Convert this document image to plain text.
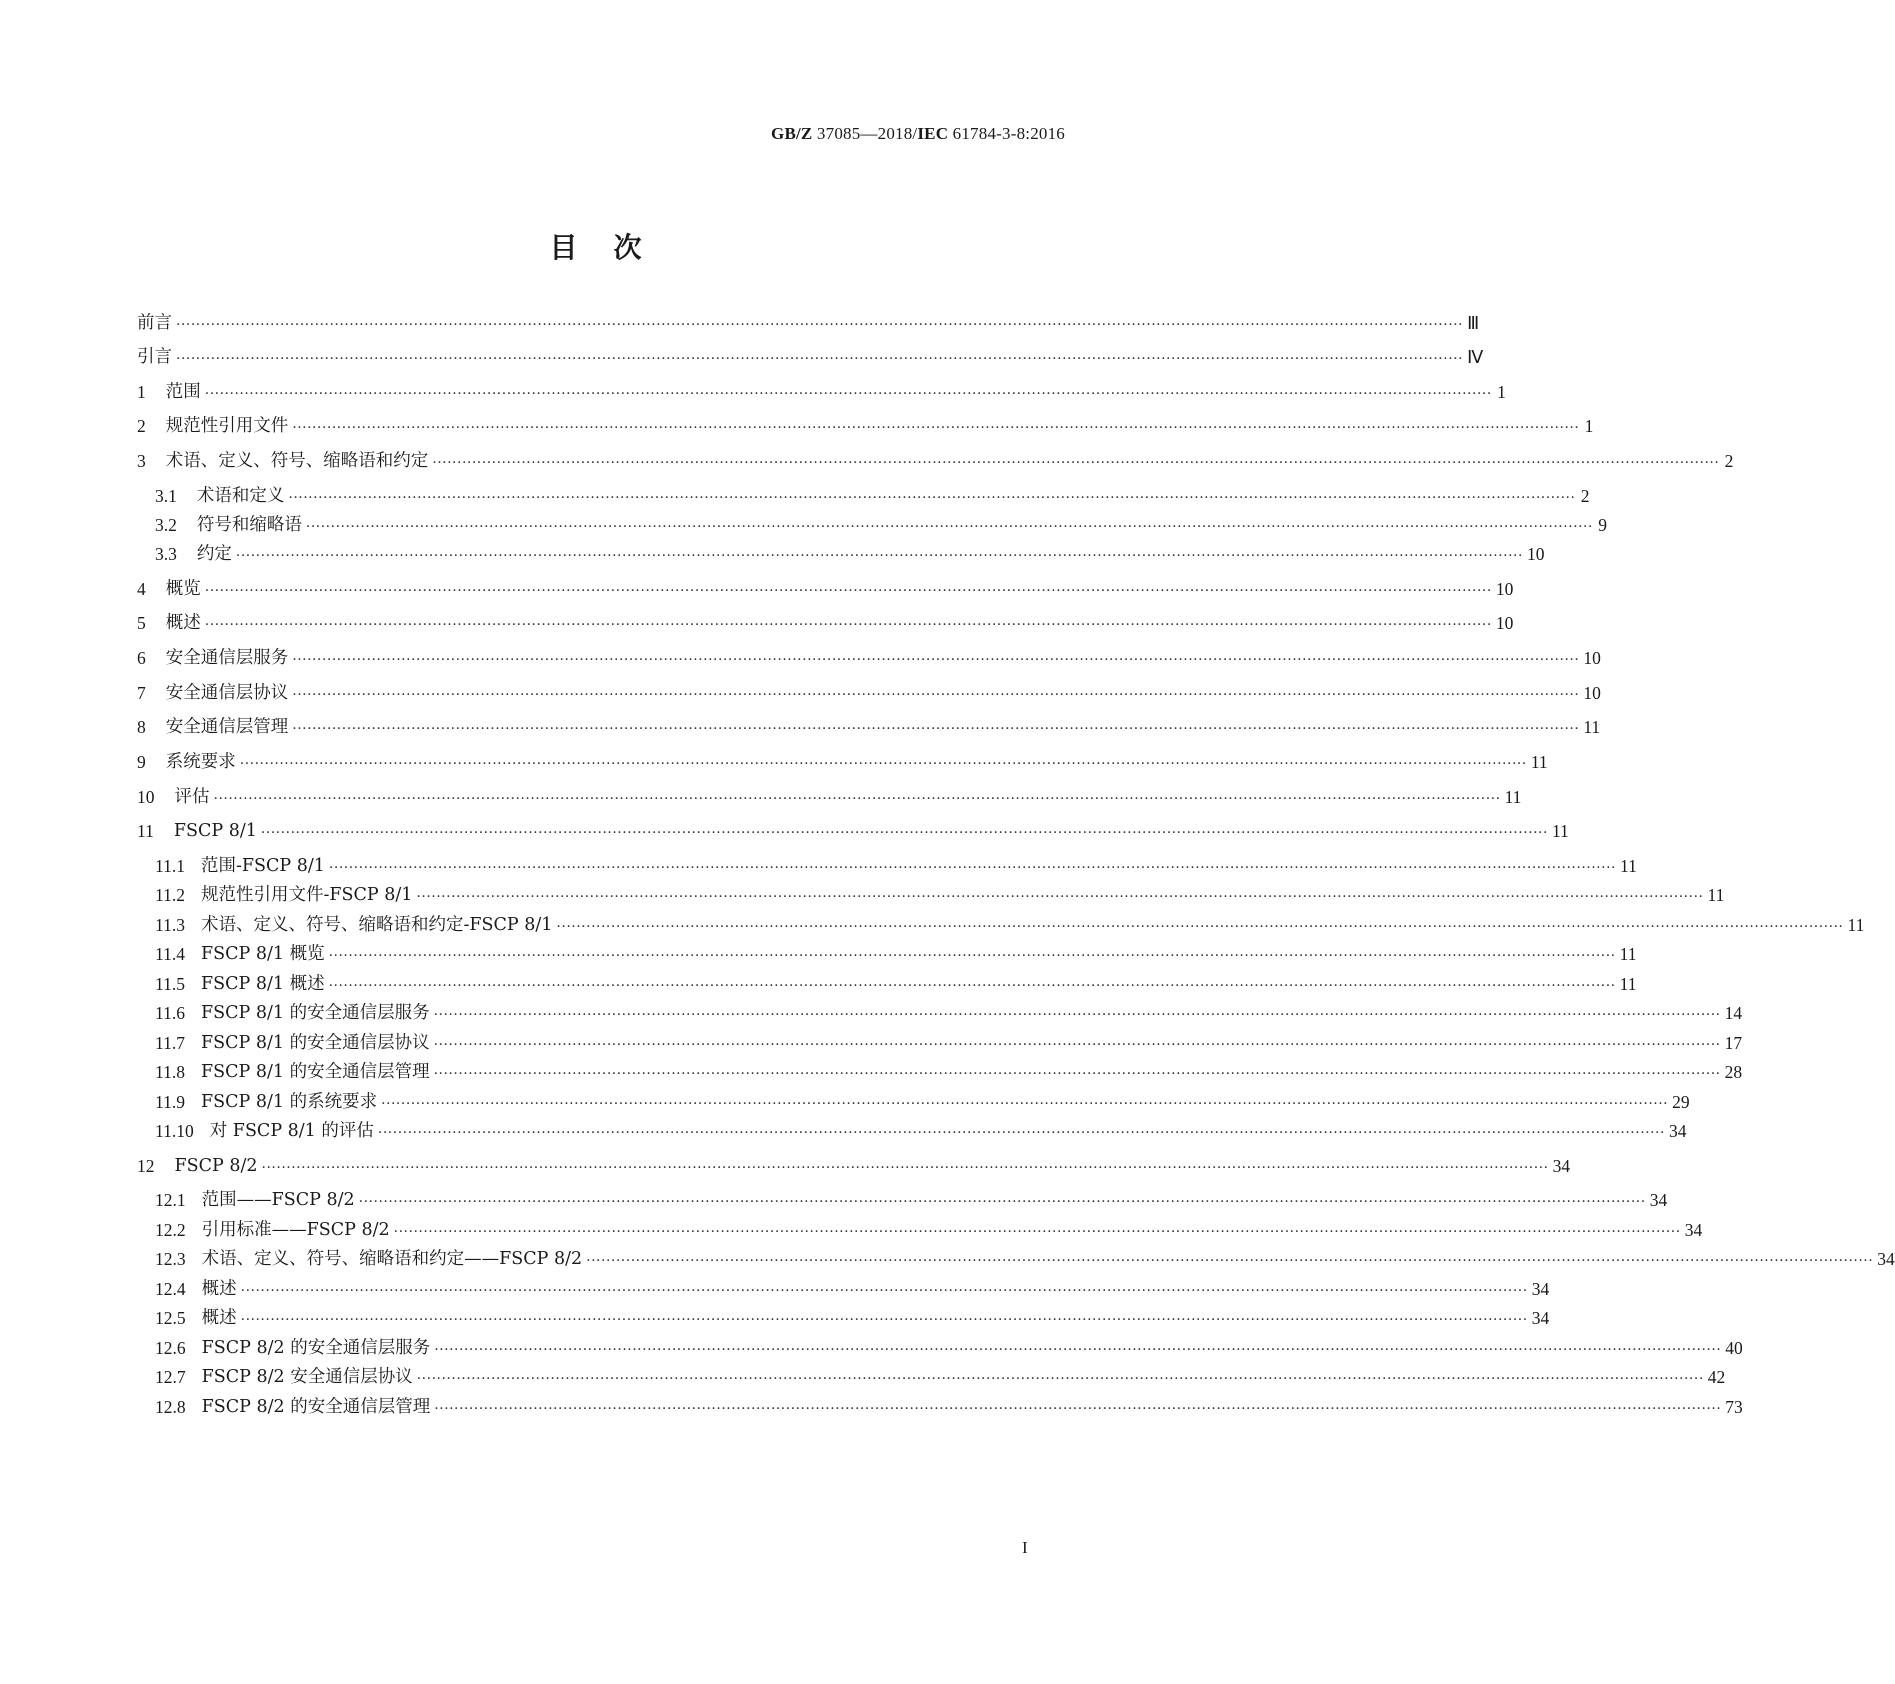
GB/Z 37085—2018/IEC 61784-3-8:2016
目次
前言 ···································································································································································································································································· Ⅲ
引言 ···································································································································································································································································· Ⅳ
1 范围 ···································································································································································································································································· 1
2 规范性引用文件 ···································································································································································································································································· 1
3 术语、定义、符号、缩略语和约定 ···································································································································································································································································· 2
3.1 术语和定义 ···································································································································································································································································· 2
3.2 符号和缩略语 ···································································································································································································································································· 9
3.3 约定 ···································································································································································································································································· 10
4 概览 ···································································································································································································································································· 10
5 概述 ···································································································································································································································································· 10
6 安全通信层服务 ···································································································································································································································································· 10
7 安全通信层协议 ···································································································································································································································································· 10
8 安全通信层管理 ···································································································································································································································································· 11
9 系统要求 ···································································································································································································································································· 11
10 评估 ···································································································································································································································································· 11
11 FSCP 8/1 ···································································································································································································································································· 11
11.1 范围-FSCP 8/1 ···································································································································································································································································· 11
11.2 规范性引用文件-FSCP 8/1 ···································································································································································································································································· 11
11.3 术语、定义、符号、缩略语和约定-FSCP 8/1 ···································································································································································································································································· 11
11.4 FSCP 8/1 概览 ···································································································································································································································································· 11
11.5 FSCP 8/1 概述 ···································································································································································································································································· 11
11.6 FSCP 8/1 的安全通信层服务 ···································································································································································································································································· 14
11.7 FSCP 8/1 的安全通信层协议 ···································································································································································································································································· 17
11.8 FSCP 8/1 的安全通信层管理 ···································································································································································································································································· 28
11.9 FSCP 8/1 的系统要求 ···································································································································································································································································· 29
11.10 对 FSCP 8/1 的评估 ···································································································································································································································································· 34
12 FSCP 8/2 ···································································································································································································································································· 34
12.1 范围——FSCP 8/2 ···································································································································································································································································· 34
12.2 引用标准——FSCP 8/2 ···································································································································································································································································· 34
12.3 术语、定义、符号、缩略语和约定——FSCP 8/2 ···································································································································································································································································· 34
12.4 概述 ···································································································································································································································································· 34
12.5 概述 ···································································································································································································································································· 34
12.6 FSCP 8/2 的安全通信层服务 ···································································································································································································································································· 40
12.7 FSCP 8/2 安全通信层协议 ···································································································································································································································································· 42
12.8 FSCP 8/2 的安全通信层管理 ···································································································································································································································································· 73
I
